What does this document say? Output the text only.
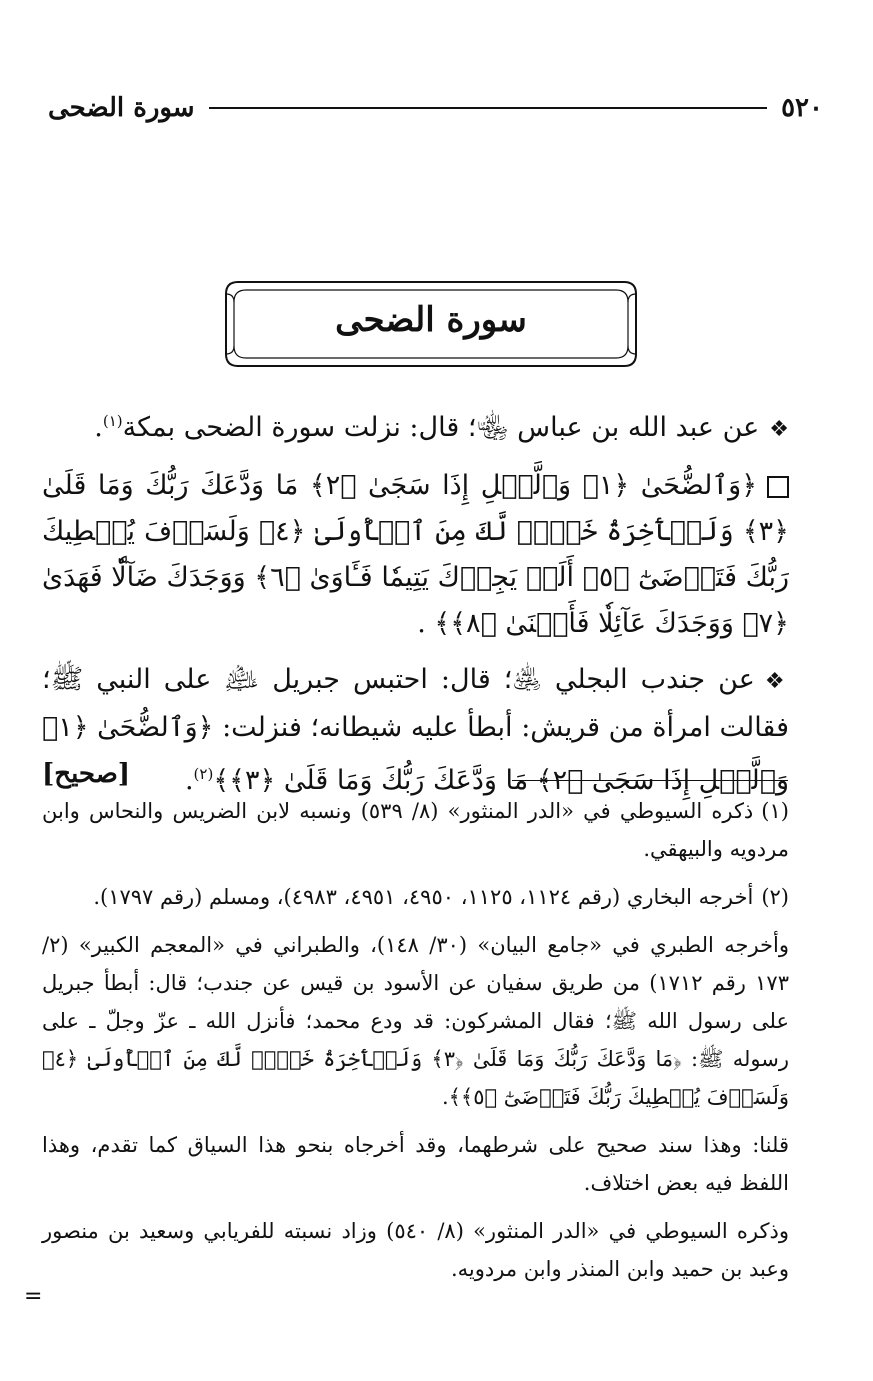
سورة الضحى	٥٢٠
سورة الضحى

❖عن عبد الله بن عباس ﵄؛ قال: نزلت سورة الضحى بمكة$^{(١)}$.

﴿وَٱلضُّحَىٰ ﴿١﴾ وَٱلَّيۡلِ إِذَا سَجَىٰ ﴿٢﴾ مَا وَدَّعَكَ رَبُّكَ وَمَا قَلَىٰ ﴿٣﴾ وَلَلۡأٓخِرَةُ خَيۡرٞ لَّكَ مِنَ ٱلۡأُولَىٰ ﴿٤﴾ وَلَسَوۡفَ يُعۡطِيكَ رَبُّكَ فَتَرۡضَىٰٓ ﴿٥﴾ أَلَمۡ يَجِدۡكَ يَتِيمٗا فَـَٔاوَىٰ ﴿٦﴾ وَوَجَدَكَ ضَآلّٗا فَهَدَىٰ ﴿٧﴾ وَوَجَدَكَ عَآئِلٗا فَأَغۡنَىٰ ﴿٨﴾﴾ .

❖عن جندب البجلي ﵁؛ قال: احتبس جبريل ﵇ على النبي ﷺ؛ فقالت امرأة من قريش: أبطأ عليه شيطانه؛ فنزلت: ﴿وَٱلضُّحَىٰ ﴿١﴾ وَٱلَّيۡلِ إِذَا سَجَىٰ ﴿٢﴾ مَا وَدَّعَكَ رَبُّكَ وَمَا قَلَىٰ ﴿٣﴾﴾$^{(٢)}$.
[صحيح]

(١)ذكره السيوطي في «الدر المنثور» (٨/ ٥٣٩) ونسبه لابن الضريس والنحاس وابن مردويه والبيهقي.
(٢)أخرجه البخاري (رقم ١١٢٤، ١١٢٥، ٤٩٥٠، ٤٩٥١، ٤٩٨٣)، ومسلم (رقم ١٧٩٧).
وأخرجه الطبري في «جامع البيان» (٣٠/ ١٤٨)، والطبراني في «المعجم الكبير» (٢/ ١٧٣ رقم ١٧١٢) من طريق سفيان عن الأسود بن قيس عن جندب؛ قال: أبطأ جبريل على رسول الله ﷺ؛ فقال المشركون: قد ودع محمد؛ فأنزل الله ـ عزّ وجلّ ـ على رسوله ﷺ: ﴿مَا وَدَّعَكَ رَبُّكَ وَمَا قَلَىٰ ﴿٣﴾ وَلَلۡأٓخِرَةُ خَيۡرٞ لَّكَ مِنَ ٱلۡأُولَىٰ ﴿٤﴾ وَلَسَوۡفَ يُعۡطِيكَ رَبُّكَ فَتَرۡضَىٰٓ ﴿٥﴾﴾.
قلنا: وهذا سند صحيح على شرطهما، وقد أخرجاه بنحو هذا السياق كما تقدم، وهذا اللفظ فيه بعض اختلاف.
وذكره السيوطي في «الدر المنثور» (٨/ ٥٤٠) وزاد نسبته للفريابي وسعيد بن منصور وعبد بن حميد وابن المنذر وابن مردويه.
=
